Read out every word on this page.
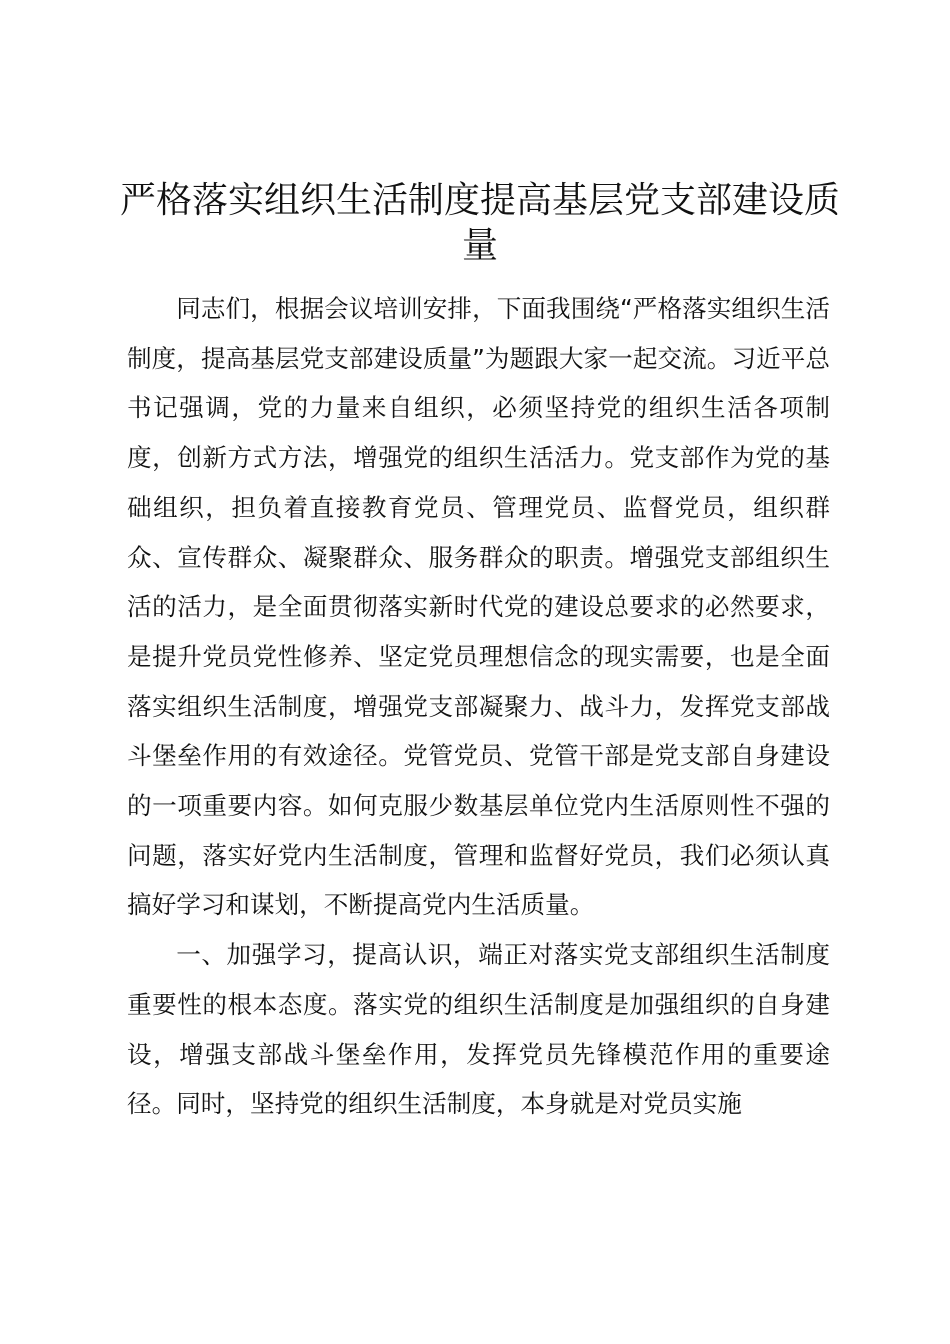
严格落实组织生活制度提高基层党支部建设质量

同志们，根据会议培训安排，下面我围绕“严格落实组织生活制度，提高基层党支部建设质量”为题跟大家一起交流。习近平总书记强调，党的力量来自组织，必须坚持党的组织生活各项制度，创新方式方法，增强党的组织生活活力。党支部作为党的基础组织，担负着直接教育党员、管理党员、监督党员，组织群众、宣传群众、凝聚群众、服务群众的职责。增强党支部组织生活的活力，是全面贯彻落实新时代党的建设总要求的必然要求，是提升党员党性修养、坚定党员理想信念的现实需要，也是全面落实组织生活制度，增强党支部凝聚力、战斗力，发挥党支部战斗堡垒作用的有效途径。党管党员、党管干部是党支部自身建设的一项重要内容。如何克服少数基层单位党内生活原则性不强的问题，落实好党内生活制度，管理和监督好党员，我们必须认真搞好学习和谋划，不断提高党内生活质量。

一、加强学习，提高认识，端正对落实党支部组织生活制度重要性的根本态度。落实党的组织生活制度是加强组织的自身建设，增强支部战斗堡垒作用，发挥党员先锋模范作用的重要途径。同时，坚持党的组织生活制度，本身就是对党员实施
